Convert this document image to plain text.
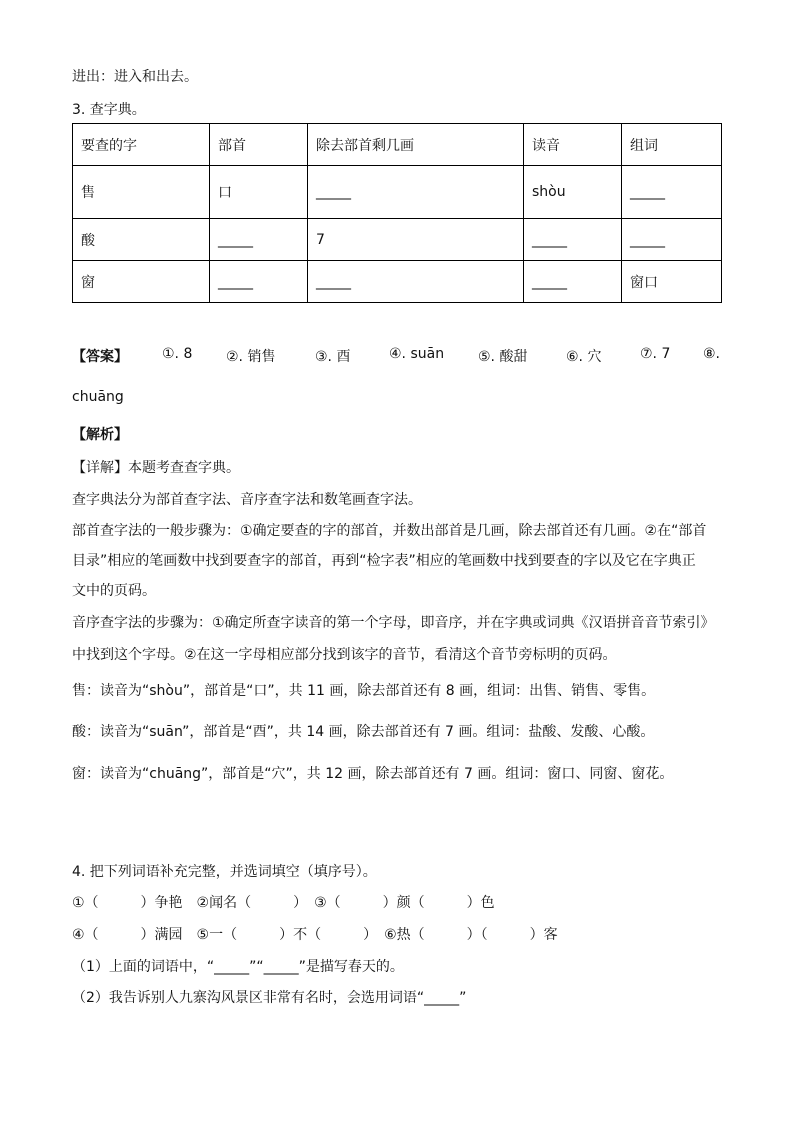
进出：进入和出去。
3. 查字典。
要查的字	部首	除去部首剩几画	读音	组词
售	口	_____	shòu	_____
酸	_____	7	_____	_____
窗	_____	_____	_____	窗口
【答案】 ①. 8 ②. 销售	③. 酉	④. suān ⑤. 酸甜	⑥. 穴	⑦. 7 ⑧.
chuāng
【解析】
【详解】本题考查查字典。
查字典法分为部首查字法、音序查字法和数笔画查字法。
部首查字法的一般步骤为：①确定要查的字的部首，并数出部首是几画，除去部首还有几画。②在“部首
目录”相应的笔画数中找到要查字的部首，再到“检字表”相应的笔画数中找到要查的字以及它在字典正
文中的页码。
音序查字法的步骤为：①确定所查字读音的第一个字母，即音序，并在字典或词典《汉语拼音音节索引》
中找到这个字母。②在这一字母相应部分找到该字的音节，看清这个音节旁标明的页码。
售：读音为“shòu”，部首是“口”，共 11 画，除去部首还有 8 画，组词：出售、销售、零售。
酸：读音为“suān”，部首是“酉”，共 14 画，除去部首还有 7 画。组词：盐酸、发酸、心酸。
窗：读音为“chuāng”，部首是“穴”，共 12 画，除去部首还有 7 画。组词：窗口、同窗、窗花。
4. 把下列词语补充完整，并选词填空（填序号）。
①（　　　）争艳　②闻名（　　　）　③（　　　）颜（　　　）色
④（　　　）满园　⑤一（　　　）不（　　　）　⑥热（　　　）（　　　）客
（1）上面的词语中，“_____”“_____”是描写春天的。
（2）我告诉别人九寨沟风景区非常有名时，会选用词语“_____”
